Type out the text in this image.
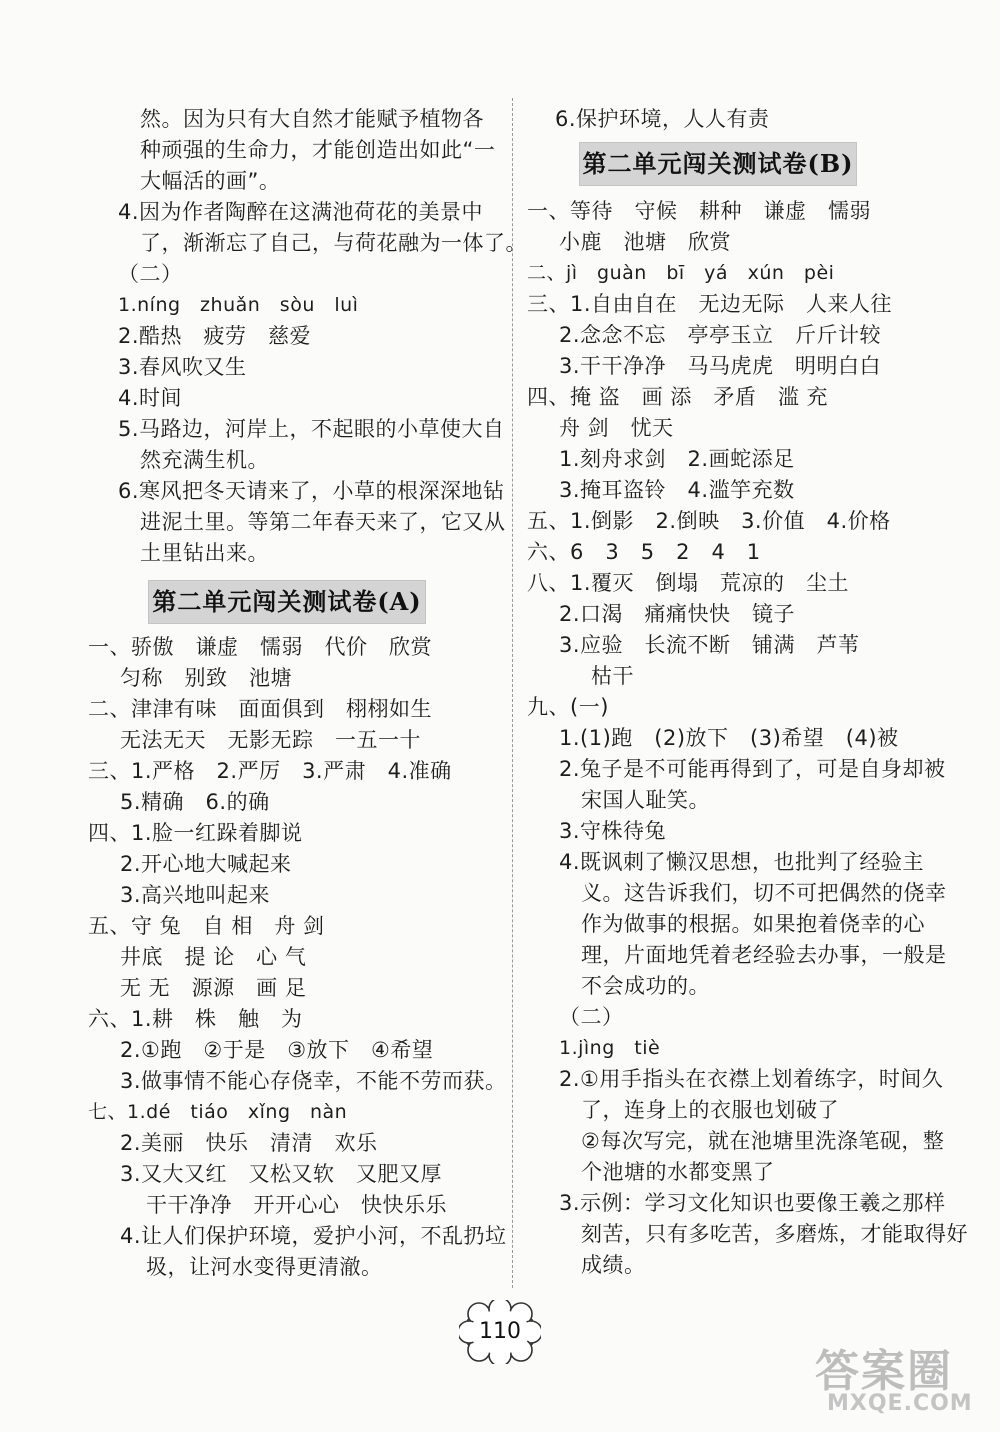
然。因为只有大自然才能赋予植物各
种顽强的生命力，才能创造出如此“一
大幅活的画”。
4.因为作者陶醉在这满池荷花的美景中
了，渐渐忘了自己，与荷花融为一体了。
（二）
1.níng　zhuǎn　sòu　luì
2.酷热　疲劳　慈爱
3.春风吹又生
4.时间
5.马路边，河岸上，不起眼的小草使大自
然充满生机。
6.寒风把冬天请来了，小草的根深深地钻
进泥土里。等第二年春天来了，它又从
土里钻出来。
第二单元闯关测试卷(A)
一、骄傲　谦虚　懦弱　代价　欣赏
匀称　别致　池塘
二、津津有味　面面俱到　栩栩如生
无法无天　无影无踪　一五一十
三、1.严格　2.严厉　3.严肃　4.准确
5.精确　6.的确
四、1.脸一红跺着脚说
2.开心地大喊起来
3.高兴地叫起来
五、守 兔　自 相　舟 剑
井底　提 论　心 气
无 无　源源　画 足
六、1.耕　株　触　为
2.①跑　②于是　③放下　④希望
3.做事情不能心存侥幸，不能不劳而获。
七、1.dé　tiáo　xǐng　nàn
2.美丽　快乐　清清　欢乐
3.又大又红　又松又软　又肥又厚
干干净净　开开心心　快快乐乐
4.让人们保护环境，爱护小河，不乱扔垃
圾，让河水变得更清澈。
6.保护环境，人人有责
第二单元闯关测试卷(B)
一、等待　守候　耕种　谦虚　懦弱
小鹿　池塘　欣赏
二、jì　guàn　bī　yá　xún　pèi
三、1.自由自在　无边无际　人来人往
2.念念不忘　亭亭玉立　斤斤计较
3.干干净净　马马虎虎　明明白白
四、掩 盗　画 添　矛盾　滥 充
舟 剑　忧天
1.刻舟求剑　2.画蛇添足
3.掩耳盗铃　4.滥竽充数
五、1.倒影　2.倒映　3.价值　4.价格
六、6　3　5　2　4　1
八、1.覆灭　倒塌　荒凉的　尘土
2.口渴　痛痛快快　镜子
3.应验　长流不断　铺满　芦苇
枯干
九、(一)
1.(1)跑　(2)放下　(3)希望　(4)被
2.兔子是不可能再得到了，可是自身却被
宋国人耻笑。
3.守株待兔
4.既讽刺了懒汉思想，也批判了经验主
义。这告诉我们，切不可把偶然的侥幸
作为做事的根据。如果抱着侥幸的心
理，片面地凭着老经验去办事，一般是
不会成功的。
（二）
1.jìng　tiè
2.①用手指头在衣襟上划着练字，时间久
了，连身上的衣服也划破了
②每次写完，就在池塘里洗涤笔砚，整
个池塘的水都变黑了
3.示例：学习文化知识也要像王羲之那样
刻苦，只有多吃苦，多磨炼，才能取得好
成绩。
110
答案圈
MXQE.COM
